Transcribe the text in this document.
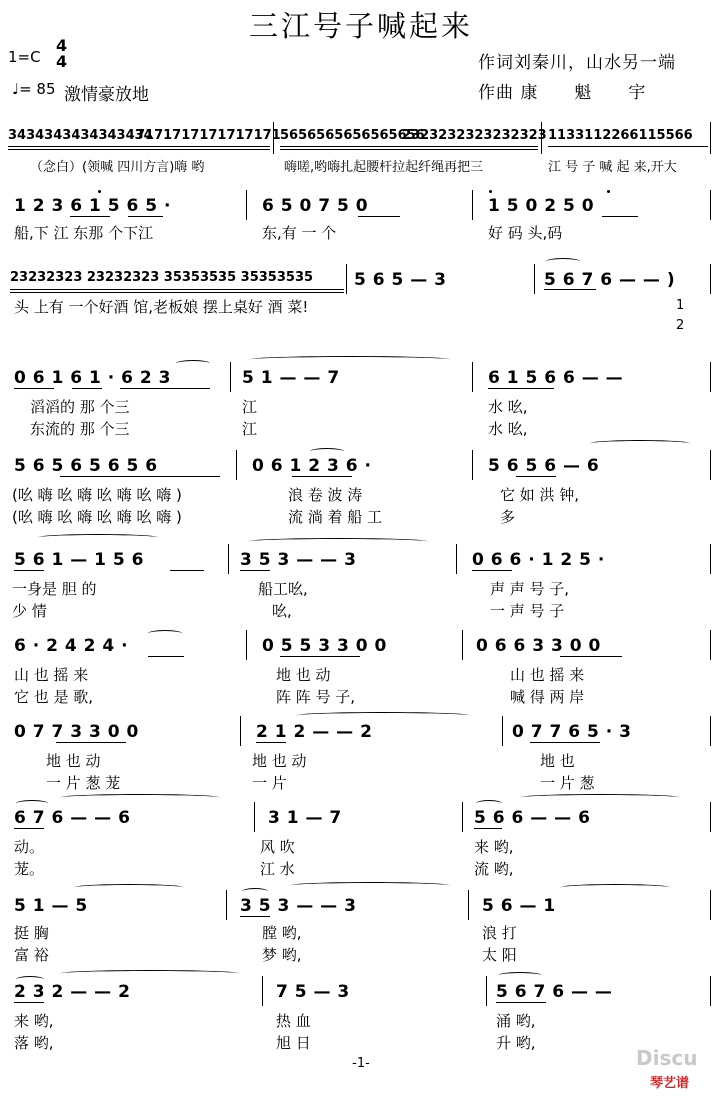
三江号子喊起来
1=C
4
4
♩= 85 激情豪放地
作词刘秦川，山水另一端
作曲 康　　魁　　宇
3434343434343434
7171717171717171 5656565656565656
2323232323232323 1133112266115566
（念白）(领喊 四川方言)嗨 哟	嗨嗟,哟嗨扎起腰杆拉起纤绳再把三	江 号 子 喊 起 来,开大
1 2 3 6 1 5 6 5 ·	6 5 0 7 5 0	1 5 0 2 5 0
船,下 江 东那 个下江	东,有 一 个	好 码 头,码
23232323 23232323 35353535 35353535 5 6 5 — 3	5 6 7 6 — — )
头 上有 一个好酒 馆,老板娘 摆上桌好 酒 菜!	1
2
0 6 1 6 1 · 6 2 3	5 1 — — 7	6 1 5 6 6 — —
滔滔的 那 个三	江	水 吆,
东流的 那 个三	江	水 吆,
5 6 5 6 5 6 5 6	0 6 1 2 3 6 ·	5 6 5 6 — 6
(吆 嗨 吆 嗨 吆 嗨 吆 嗨 )	浪 卷 波 涛	它 如 洪 钟,
(吆 嗨 吆 嗨 吆 嗨 吆 嗨 )	流 淌 着 船 工	多
5 6 1 — 1 5 6	3 5 3 — — 3	0 6 6 · 1 2 5 ·
一身是 胆 的	船工吆,	声 声 号 子,
少 情	吆,	一 声 号 子
6 · 2 4 2 4 ·	0 5 5 3 3 0 0	0 6 6 3 3 0 0
山 也 摇 来	地 也 动	山 也 摇 来
它 也 是 歌,	阵 阵 号 子,	喊 得 两 岸
0 7 7 3 3 0 0	2 1 2 — — 2	0 7 7 6 5 · 3
地 也 动	地 也 动	地 也
一 片 葱 茏	一 片	一 片 葱
6 7 6 — — 6	3 1 — 7	5 6 6 — — 6
动。	风 吹	来 哟,
茏。	江 水	流 哟,
5 1 — 5	3 5 3 — — 3	5 6 — 1
挺 胸	膛 哟,	浪 打
富 裕	梦 哟,	太 阳
2 3 2 — — 2	7 5 — 3	5 6 7 6 — —
来 哟,	热 血	涌 哟,
落 哟,	旭 日	升 哟,
-1-	Discu
琴艺谱
